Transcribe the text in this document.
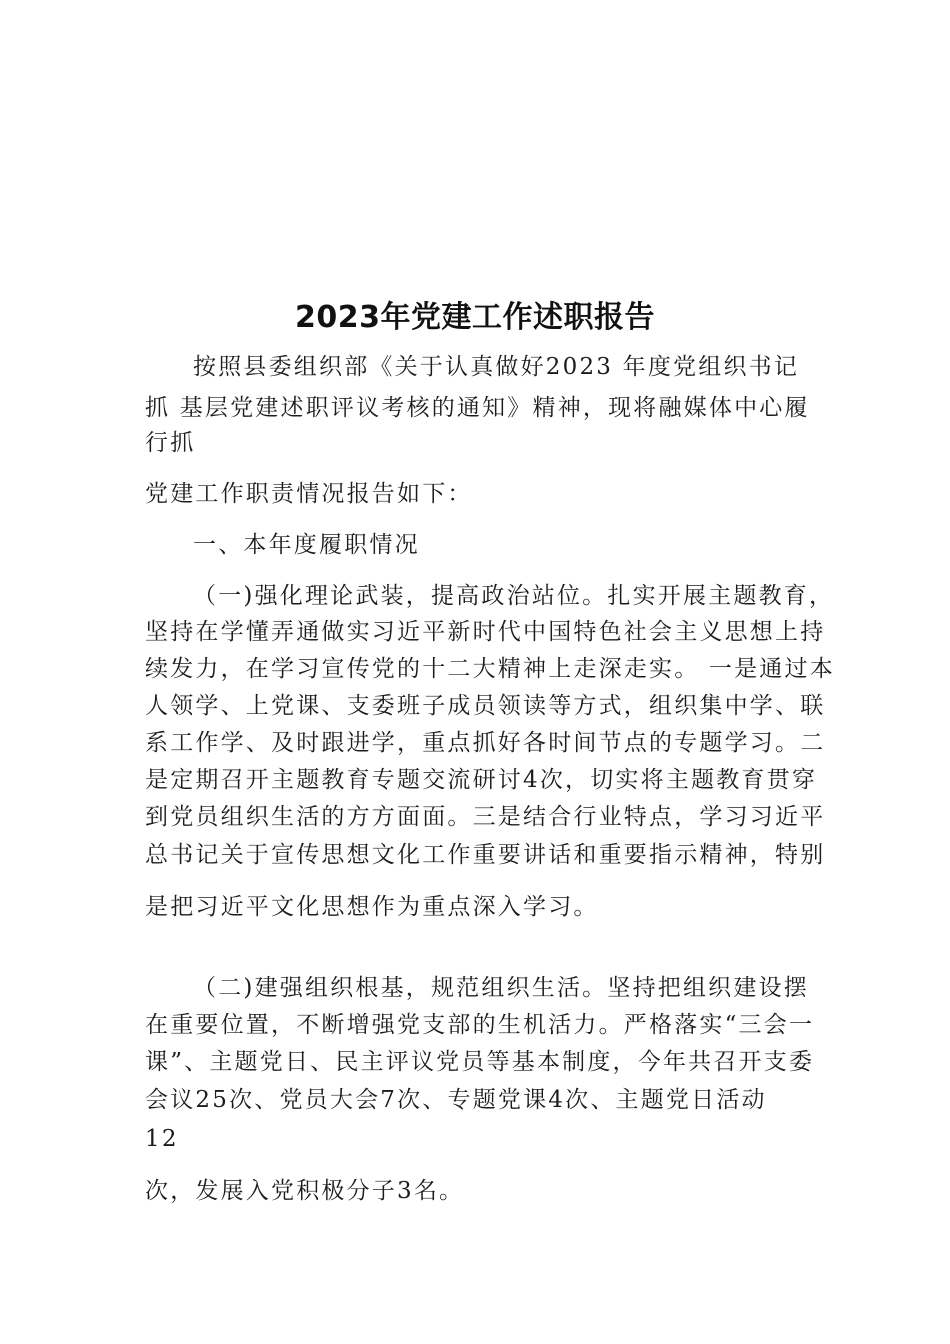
2023年党建工作述职报告
按照县委组织部《关于认真做好2023 年度党组织书记
抓 基层党建述职评议考核的通知》精神，现将融媒体中心履
行抓
党建工作职责情况报告如下：
一、本年度履职情况
（一)强化理论武装，提高政治站位。扎实开展主题教育，
坚持在学懂弄通做实习近平新时代中国特色社会主义思想上持
续发力，在学习宣传党的十二大精神上走深走实。 一是通过本
人领学、上党课、支委班子成员领读等方式，组织集中学、联
系工作学、及时跟进学，重点抓好各时间节点的专题学习。二
是定期召开主题教育专题交流研讨4次，切实将主题教育贯穿
到党员组织生活的方方面面。三是结合行业特点，学习习近平
总书记关于宣传思想文化工作重要讲话和重要指示精神，特别
是把习近平文化思想作为重点深入学习。
（二)建强组织根基，规范组织生活。坚持把组织建设摆
在重要位置，不断增强党支部的生机活力。严格落实“三会一
课”、主题党日、民主评议党员等基本制度，今年共召开支委
会议25次、党员大会7次、专题党课4次、主题党日活动
12
次，发展入党积极分子3名。
